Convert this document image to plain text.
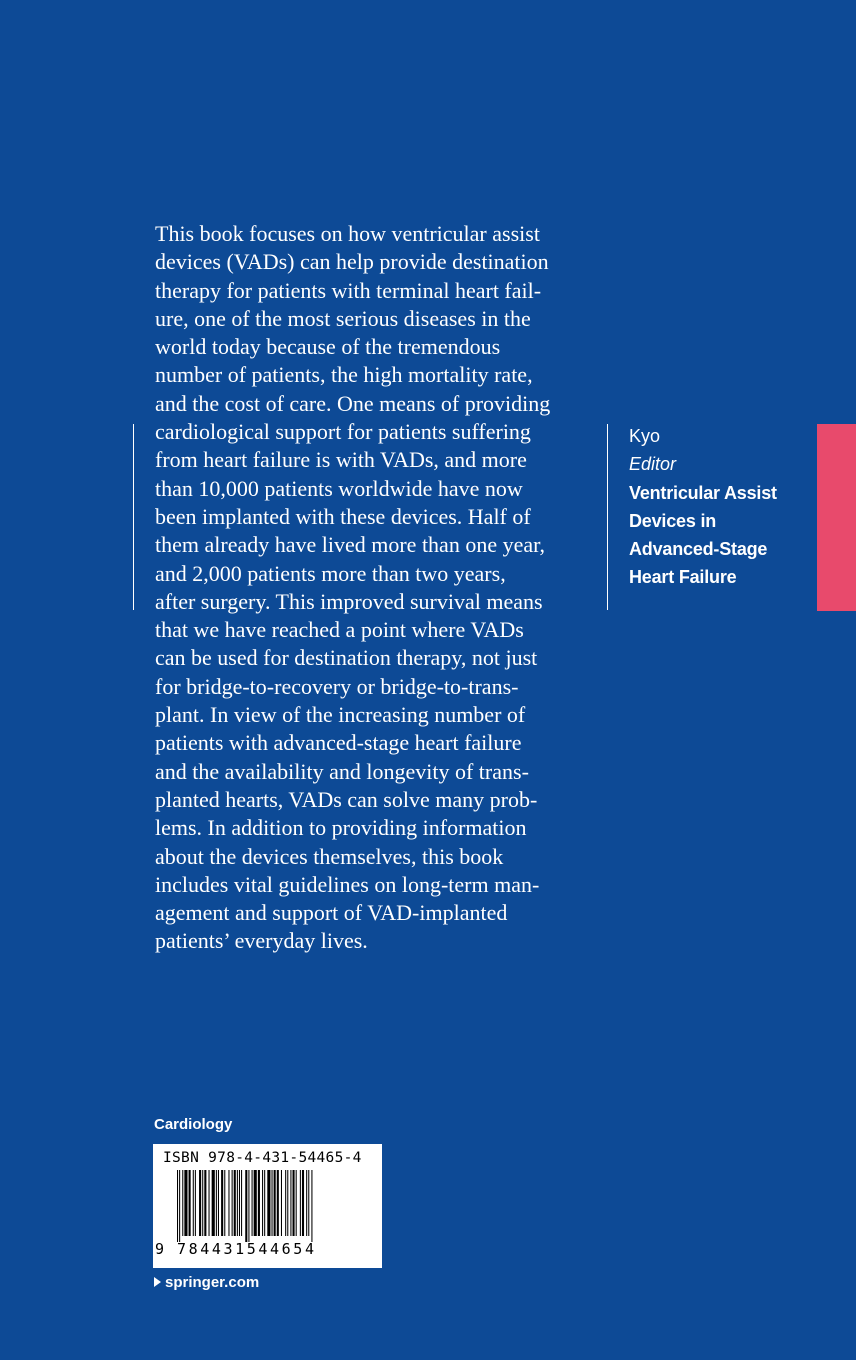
This book focuses on how ventricular assist
devices (VADs) can help provide destination
therapy for patients with terminal heart fail-
ure, one of the most serious diseases in the
world today because of the tremendous
number of patients, the high mortality rate,
and the cost of care. One means of providing
cardiological support for patients suffering
from heart failure is with VADs, and more
than 10,000 patients worldwide have now
been implanted with these devices. Half of
them already have lived more than one year,
and 2,000 patients more than two years,
after surgery. This improved survival means
that we have reached a point where VADs
can be used for destination therapy, not just
for bridge-to-recovery or bridge-to-trans-
plant. In view of the increasing number of
patients with advanced-stage heart failure
and the availability and longevity of trans-
planted hearts, VADs can solve many prob-
lems. In addition to providing information
about the devices themselves, this book
includes vital guidelines on long-term man-
agement and support of VAD-implanted
patients’ everyday lives.
Kyo
Editor
Ventricular Assist
Devices in
Advanced-Stage
Heart Failure
Cardiology
ISBN 978-4-431-54465-4
9 784431544654
springer.com
